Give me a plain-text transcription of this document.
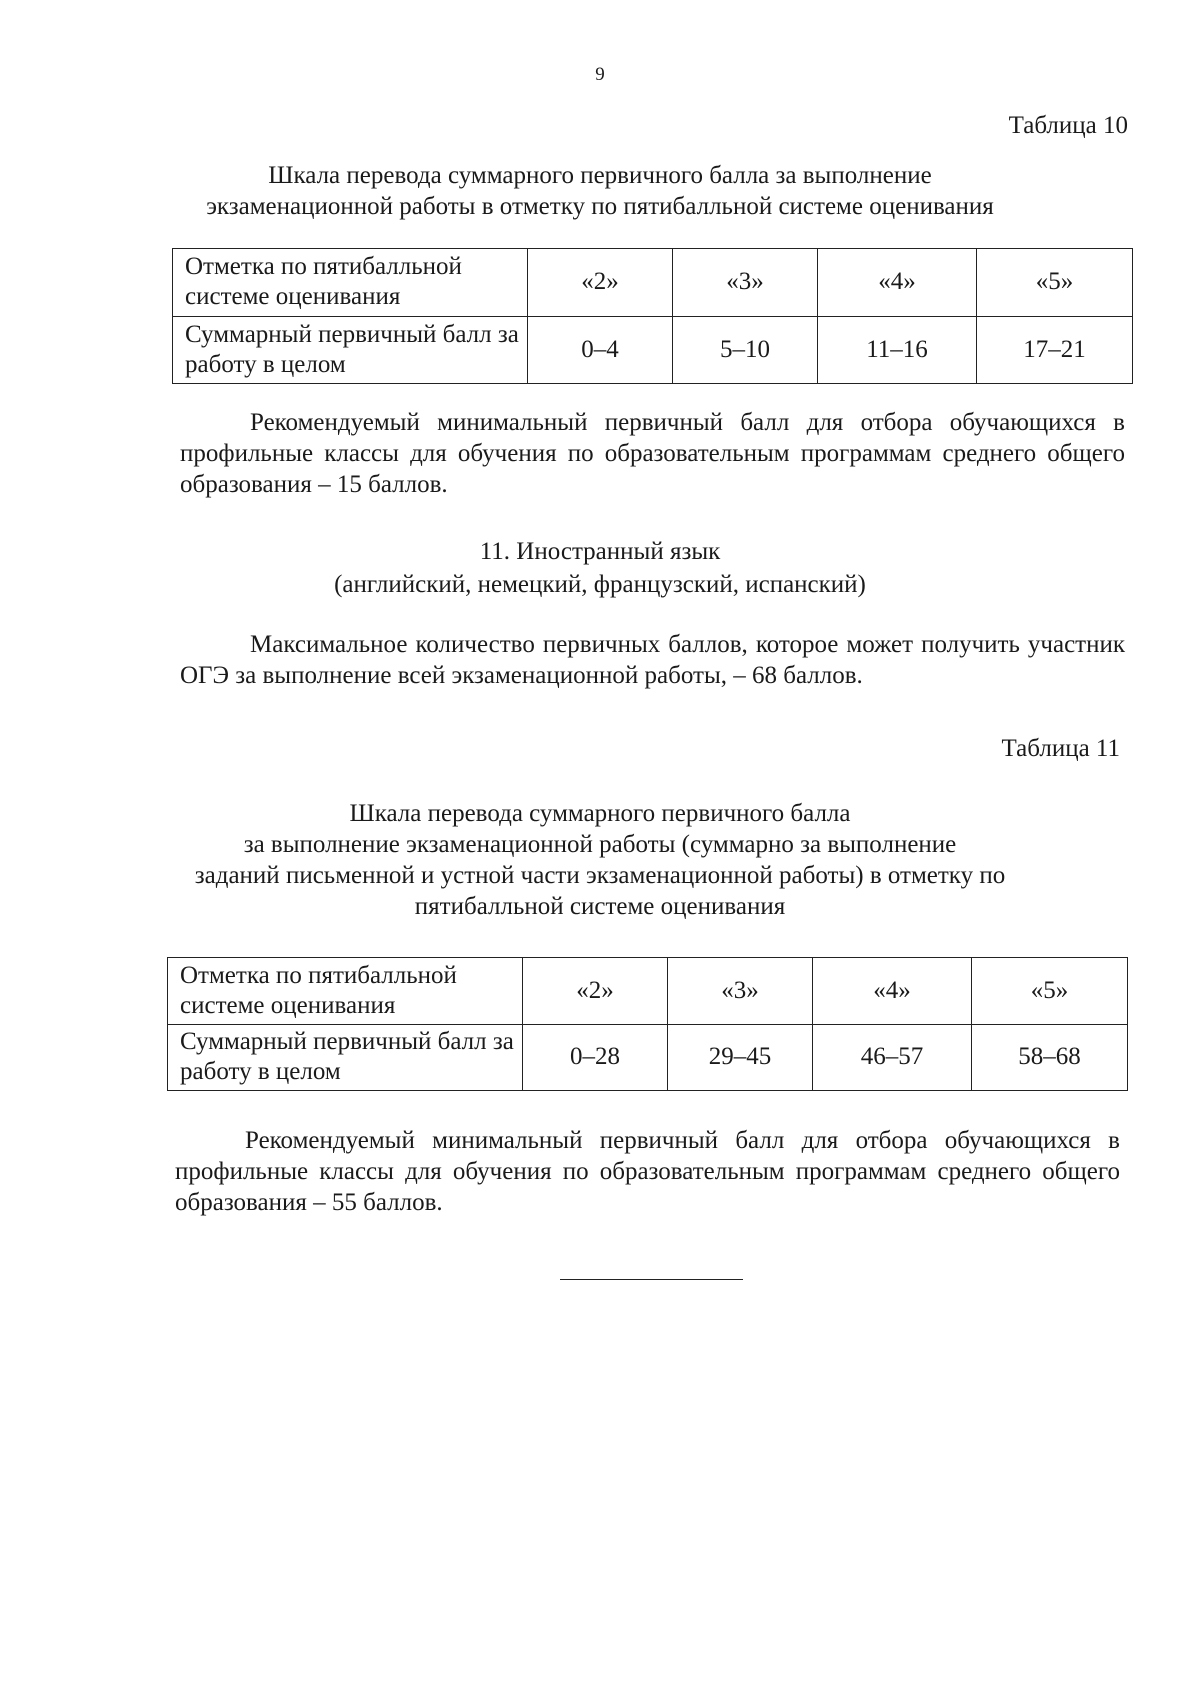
9
Таблица 10
Шкала перевода суммарного первичного балла за выполнение
экзаменационной работы в отметку по пятибалльной системе оценивания
Отметка по пятибалльной системе оценивания	«2»	«3»	«4»	«5»
Суммарный первичный балл за работу в целом	0–4	5–10	11–16	17–21
Рекомендуемый минимальный первичный балл для отбора обучающихся в профильные классы для обучения по образовательным программам среднего общего образования – 15 баллов.
11. Иностранный язык
(английский, немецкий, французский, испанский)
Максимальное количество первичных баллов, которое может получить участник ОГЭ за выполнение всей экзаменационной работы, – 68 баллов.
Таблица 11
Шкала перевода суммарного первичного балла
за выполнение экзаменационной работы (суммарно за выполнение
заданий письменной и устной части экзаменационной работы) в отметку по
пятибалльной системе оценивания
Отметка по пятибалльной системе оценивания	«2»	«3»	«4»	«5»
Суммарный первичный балл за работу в целом	0–28	29–45	46–57	58–68
Рекомендуемый минимальный первичный балл для отбора обучающихся в профильные классы для обучения по образовательным программам среднего общего образования – 55 баллов.
